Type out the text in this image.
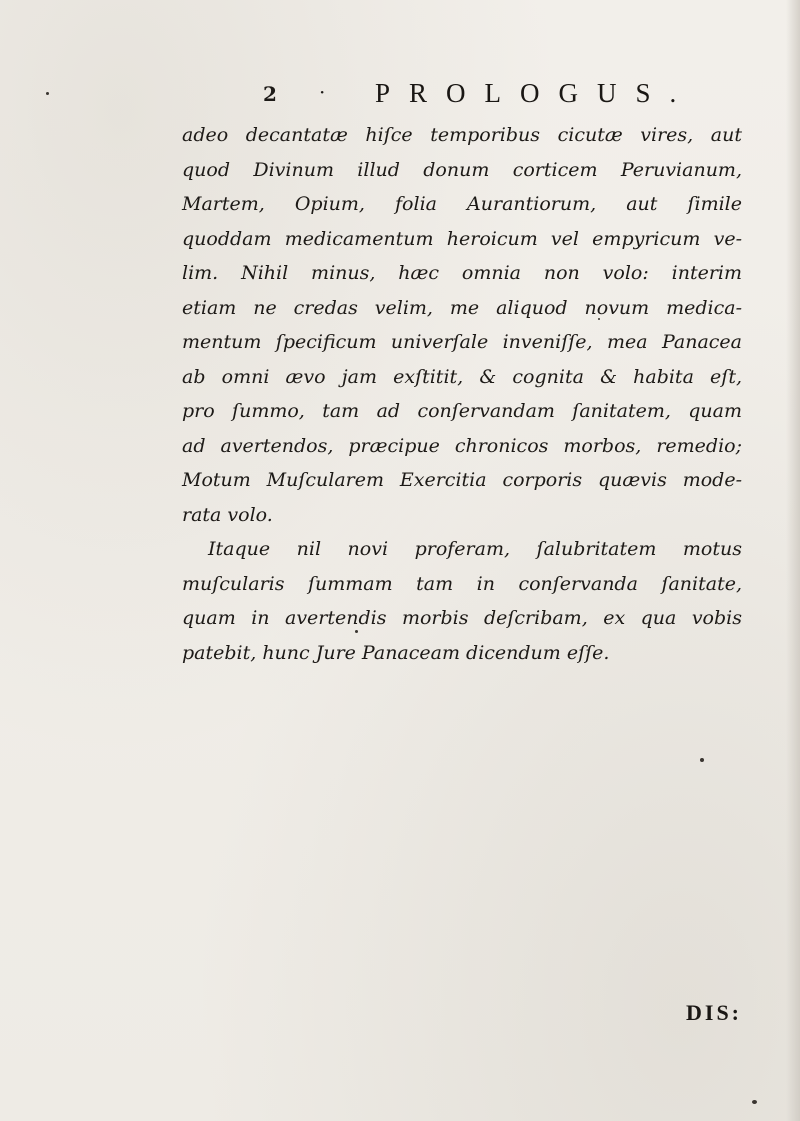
2 · PROLOGUS.
adeo decantatæ hiſce temporibus cicutæ vires, aut
quod Divinum illud donum corticem Peruvianum,
Martem, Opium, folia Aurantiorum, aut ſimile
quoddam medicamentum heroicum vel empyricum ve-
lim. Nihil minus, hæc omnia non volo: interim
etiam ne credas velim, me aliquod novum medica-
mentum ſpecificum univerſale inveniſſe, mea Panacea
ab omni ævo jam exſtitit, & cognita & habita eſt,
pro ſummo, tam ad conſervandam ſanitatem, quam
ad avertendos, præcipue chronicos morbos, remedio;
Motum Muſcularem Exercitia corporis quævis mode-
rata volo.
Itaque nil novi proferam, ſalubritatem motus
muſcularis ſummam tam in conſervanda ſanitate,
quam in avertendis morbis deſcribam, ex qua vobis
patebit, hunc Jure Panaceam dicendum eſſe.
DIS:
